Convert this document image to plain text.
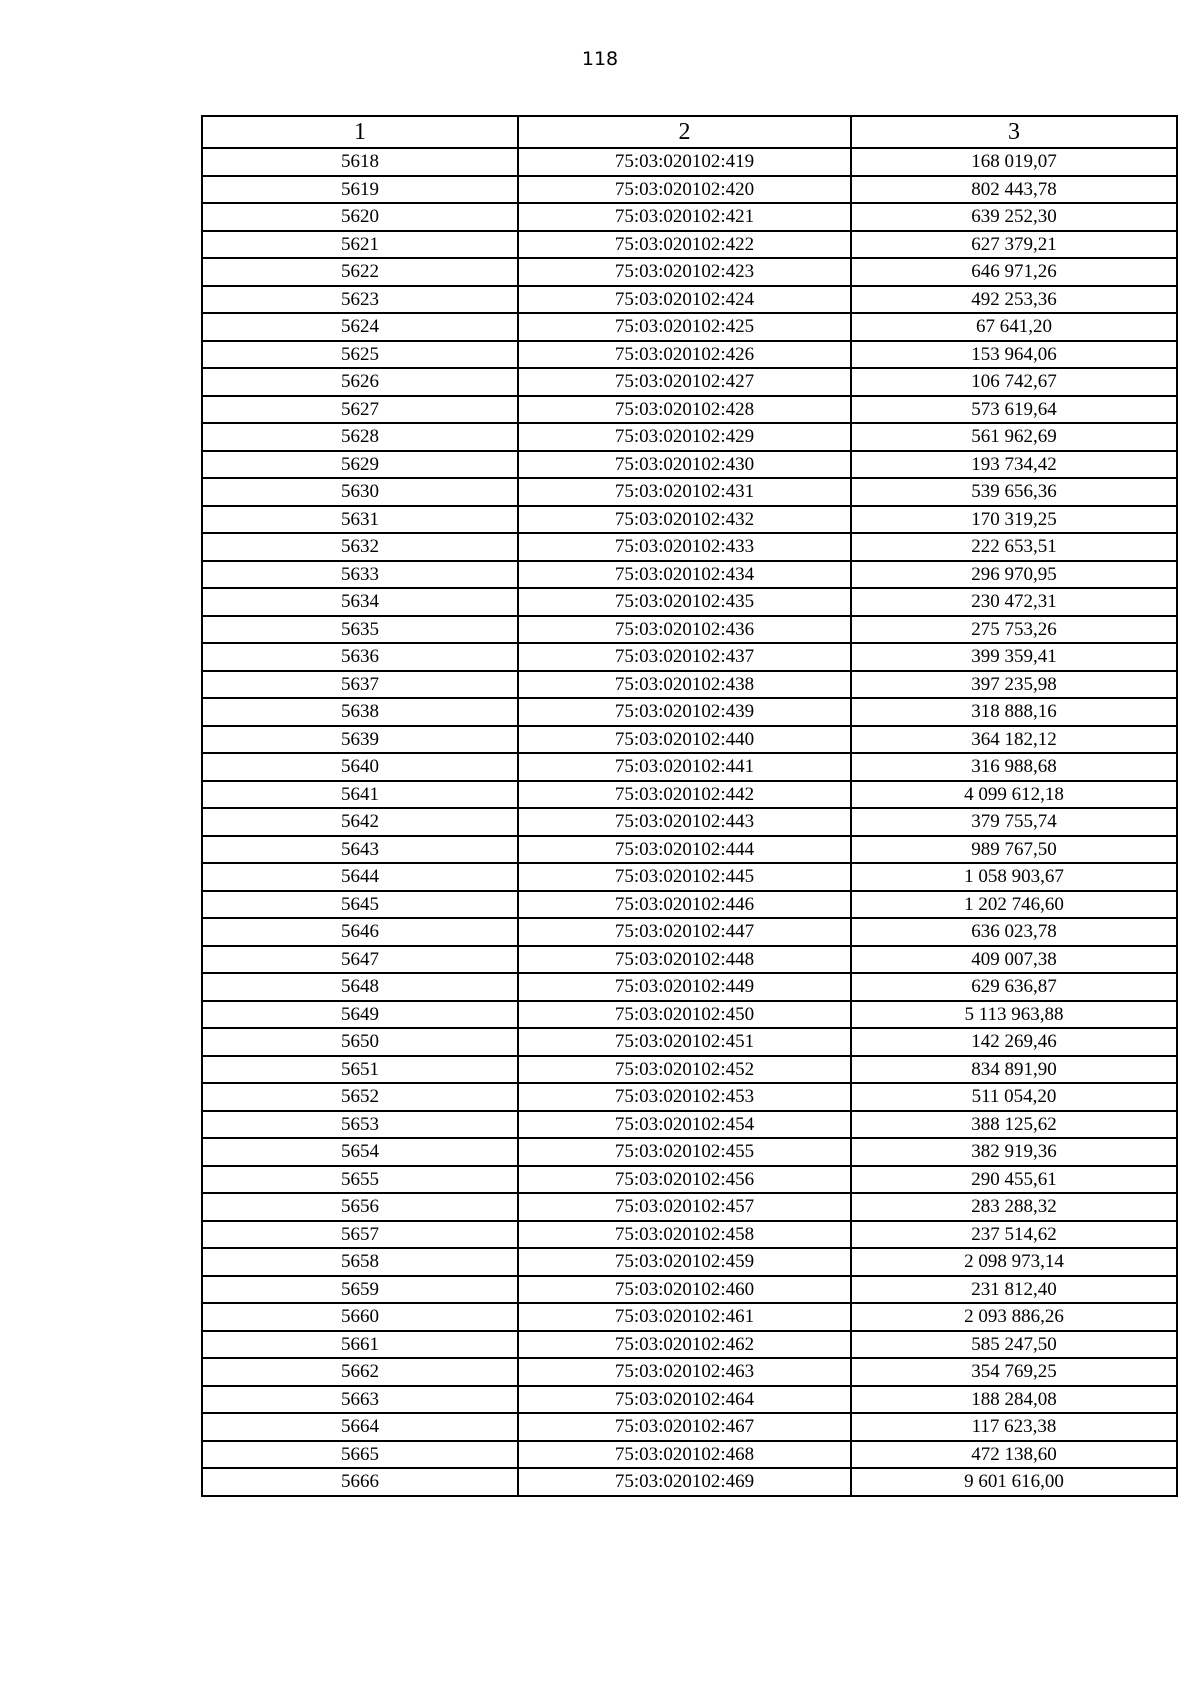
118
1	2	3
5618	75:03:020102:419	168 019,07
5619	75:03:020102:420	802 443,78
5620	75:03:020102:421	639 252,30
5621	75:03:020102:422	627 379,21
5622	75:03:020102:423	646 971,26
5623	75:03:020102:424	492 253,36
5624	75:03:020102:425	67 641,20
5625	75:03:020102:426	153 964,06
5626	75:03:020102:427	106 742,67
5627	75:03:020102:428	573 619,64
5628	75:03:020102:429	561 962,69
5629	75:03:020102:430	193 734,42
5630	75:03:020102:431	539 656,36
5631	75:03:020102:432	170 319,25
5632	75:03:020102:433	222 653,51
5633	75:03:020102:434	296 970,95
5634	75:03:020102:435	230 472,31
5635	75:03:020102:436	275 753,26
5636	75:03:020102:437	399 359,41
5637	75:03:020102:438	397 235,98
5638	75:03:020102:439	318 888,16
5639	75:03:020102:440	364 182,12
5640	75:03:020102:441	316 988,68
5641	75:03:020102:442	4 099 612,18
5642	75:03:020102:443	379 755,74
5643	75:03:020102:444	989 767,50
5644	75:03:020102:445	1 058 903,67
5645	75:03:020102:446	1 202 746,60
5646	75:03:020102:447	636 023,78
5647	75:03:020102:448	409 007,38
5648	75:03:020102:449	629 636,87
5649	75:03:020102:450	5 113 963,88
5650	75:03:020102:451	142 269,46
5651	75:03:020102:452	834 891,90
5652	75:03:020102:453	511 054,20
5653	75:03:020102:454	388 125,62
5654	75:03:020102:455	382 919,36
5655	75:03:020102:456	290 455,61
5656	75:03:020102:457	283 288,32
5657	75:03:020102:458	237 514,62
5658	75:03:020102:459	2 098 973,14
5659	75:03:020102:460	231 812,40
5660	75:03:020102:461	2 093 886,26
5661	75:03:020102:462	585 247,50
5662	75:03:020102:463	354 769,25
5663	75:03:020102:464	188 284,08
5664	75:03:020102:467	117 623,38
5665	75:03:020102:468	472 138,60
5666	75:03:020102:469	9 601 616,00
